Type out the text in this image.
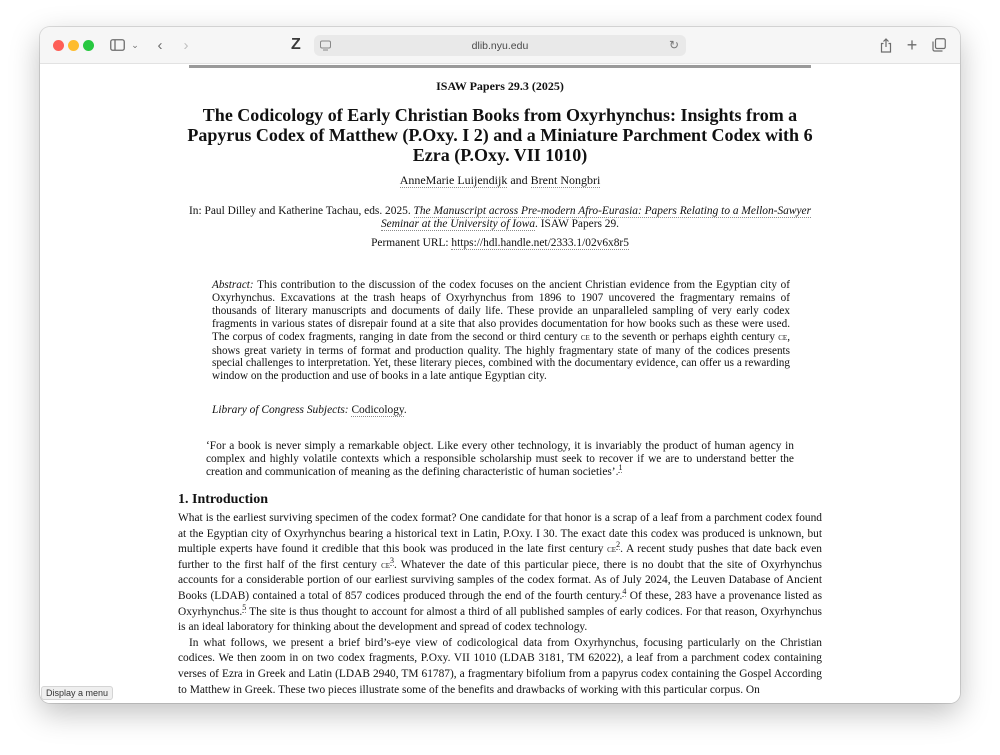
⌄	‹	›	Z	dlib.nyu.edu	↻	+
ISAW Papers 29.3 (2025)
The Codicology of Early Christian Books from Oxyrhynchus: Insights from a Papyrus Codex of Matthew (P.Oxy. I 2) and a Miniature Parchment Codex with 6 Ezra (P.Oxy. VII 1010)
AnneMarie Luijendijk and Brent Nongbri
In: Paul Dilley and Katherine Tachau, eds. 2025. The Manuscript across Pre-modern Afro-Eurasia: Papers Relating to a Mellon-Sawyer Seminar at the University of Iowa. ISAW Papers 29.
Permanent URL: https://hdl.handle.net/2333.1/02v6x8r5
Abstract: This contribution to the discussion of the codex focuses on the ancient Christian evidence from the Egyptian city of Oxyrhynchus. Excavations at the trash heaps of Oxyrhynchus from 1896 to 1907 uncovered the fragmentary remains of thousands of literary manuscripts and documents of daily life. These provide an unparalleled sampling of very early codex fragments in various states of disrepair found at a site that also provides documentation for how books such as these were used. The corpus of codex fragments, ranging in date from the second or third century ce to the seventh or perhaps eighth century ce, shows great variety in terms of format and production quality. The highly fragmentary state of many of the codices presents special challenges to interpretation. Yet, these literary pieces, combined with the documentary evidence, can offer us a rewarding window on the production and use of books in a late antique Egyptian city.
Library of Congress Subjects: Codicology.
‘For a book is never simply a remarkable object. Like every other technology, it is invariably the product of human agency in complex and highly volatile contexts which a responsible scholarship must seek to recover if we are to understand better the creation and communication of meaning as the defining characteristic of human societies’.$^1$
1. Introduction

What is the earliest surviving specimen of the codex format? One candidate for that honor is a scrap of a leaf from a parchment codex found at the Egyptian city of Oxyrhynchus bearing a historical text in Latin, P.Oxy. I 30. The exact date this codex was produced is unknown, but multiple experts have found it credible that this book was produced in the late first century $ce^2$. A recent study pushes that date back even further to the first half of the first century $ce^3$. Whatever the date of this particular piece, there is no doubt that the site of Oxyrhynchus accounts for a considerable portion of our earliest surviving samples of the codex format. As of July 2024, the Leuven Database of Ancient Books (LDAB) contained a total of 857 codices produced through the end of the fourth century.$^4$ Of these, 283 have a provenance listed as Oxyrhynchus.$^5$ The site is thus thought to account for almost a third of all published samples of early codices. For that reason, Oxyrhynchus is an ideal laboratory for thinking about the development and spread of codex technology.

In what follows, we present a brief bird’s-eye view of codicological data from Oxyrhynchus, focusing particularly on the Christian codices. We then zoom in on two codex fragments, P.Oxy. VII 1010 (LDAB 3181, TM 62022), a leaf from a parchment codex containing verses of Ezra in Greek and Latin (LDAB 2940, TM 61787), a fragmentary bifolium from a papyrus codex containing the Gospel According to Matthew in Greek. These two pieces illustrate some of the benefits and drawbacks of working with this particular corpus. On

Display a menu
